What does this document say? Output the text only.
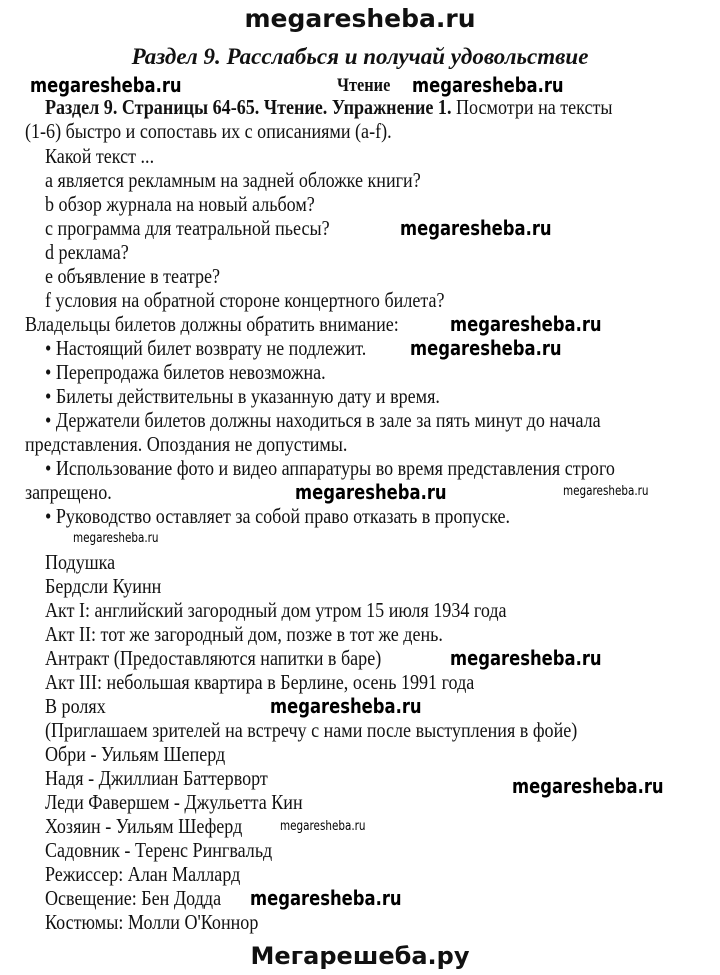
megaresheba.ru
Раздел 9. Расслабься и получай удовольствие
Чтение
Раздел 9. Страницы 64-65. Чтение. Упражнение 1. Посмотри на тексты
(1-6) быстро и сопоставь их с описаниями (a-f).
Какой текст ...
a является рекламным на задней обложке книги?
b обзор журнала на новый альбом?
c программа для театральной пьесы?
d реклама?
e объявление в театре?
f условия на обратной стороне концертного билета?
Владельцы билетов должны обратить внимание:
• Настоящий билет возврату не подлежит.
• Перепродажа билетов невозможна.
• Билеты действительны в указанную дату и время.
• Держатели билетов должны находиться в зале за пять минут до начала
представления. Опоздания не допустимы.
• Использование фото и видео аппаратуры во время представления строго
запрещено.
• Руководство оставляет за собой право отказать в пропуске.
Подушка
Бердсли Куинн
Акт I: английский загородный дом утром 15 июля 1934 года
Акт II: тот же загородный дом, позже в тот же день.
Антракт (Предоставляются напитки в баре)
Акт III: небольшая квартира в Берлине, осень 1991 года
В ролях
(Приглашаем зрителей на встречу с нами после выступления в фойе)
Обри - Уильям Шеперд
Надя - Джиллиан Баттерворт
Леди Фавершем - Джульетта Кин
Хозяин - Уильям Шеферд
Садовник - Теренс Рингвальд
Режиссер: Алан Маллард
Освещение: Бен Додда
Костюмы: Молли О'Коннор
megaresheba.ru	megaresheba.ru
megaresheba.ru
megaresheba.ru
megaresheba.ru
megaresheba.ru	megaresheba.ru
megaresheba.ru
megaresheba.ru
megaresheba.ru
megaresheba.ru
megaresheba.ru
megaresheba.ru
Мегарешеба.ру
